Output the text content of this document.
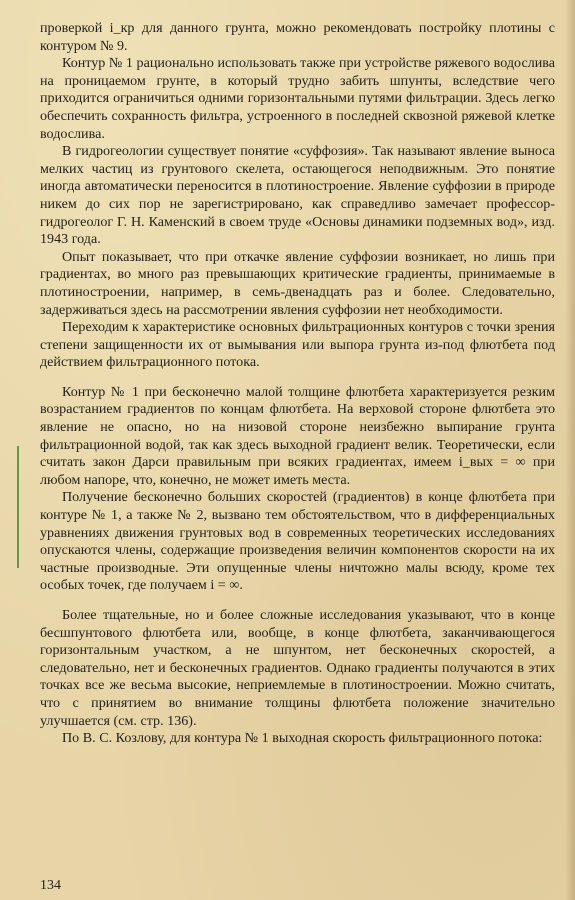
проверкой i_кр для данного грунта, можно рекомендовать постройку плотины с контуром № 9.

Контур № 1 рационально использовать также при устройстве ряжевого водослива на проницаемом грунте, в который трудно забить шпунты, вследствие чего приходится ограничиться одними горизонтальными путями фильтрации. Здесь легко обеспечить сохранность фильтра, устроенного в последней сквозной ряжевой клетке водослива.

В гидрогеологии существует понятие «суффозия». Так называют явление выноса мелких частиц из грунтового скелета, остающегося неподвижным. Это понятие иногда автоматически переносится в плотиностроение. Явление суффозии в природе никем до сих пор не зарегистрировано, как справедливо замечает профессор-гидрогеолог Г. Н. Каменский в своем труде «Основы динамики подземных вод», изд. 1943 года.

Опыт показывает, что при откачке явление суффозии возникает, но лишь при градиентах, во много раз превышающих критические градиенты, принимаемые в плотиностроении, например, в семь-двенадцать раз и более. Следовательно, задерживаться здесь на рассмотрении явления суффозии нет необходимости.

Переходим к характеристике основных фильтрационных контуров с точки зрения степени защищенности их от вымывания или выпора грунта из-под флютбета под действием фильтрационного потока.

Контур № 1 при бесконечно малой толщине флютбета характеризуется резким возрастанием градиентов по концам флютбета. На верховой стороне флютбета это явление не опасно, но на низовой стороне неизбежно выпирание грунта фильтрационной водой, так как здесь выходной градиент велик. Теоретически, если считать закон Дарси правильным при всяких градиентах, имеем i_вых = ∞ при любом напоре, что, конечно, не может иметь места.

Получение бесконечно больших скоростей (градиентов) в конце флютбета при контуре № 1, а также № 2, вызвано тем обстоятельством, что в дифференциальных уравнениях движения грунтовых вод в современных теоретических исследованиях опускаются члены, содержащие произведения величин компонентов скорости на их частные производные. Эти опущенные члены ничтожно малы всюду, кроме тех особых точек, где получаем i = ∞.

Более тщательные, но и более сложные исследования указывают, что в конце бесшпунтового флютбета или, вообще, в конце флютбета, заканчивающегося горизонтальным участком, а не шпунтом, нет бесконечных скоростей, а следовательно, нет и бесконечных градиентов. Однако градиенты получаются в этих точках все же весьма высокие, неприемлемые в плотиностроении. Можно считать, что с принятием во внимание толщины флютбета положение значительно улучшается (см. стр. 136).

По В. С. Козлову, для контура № 1 выходная скорость фильтрационного потока:

134
